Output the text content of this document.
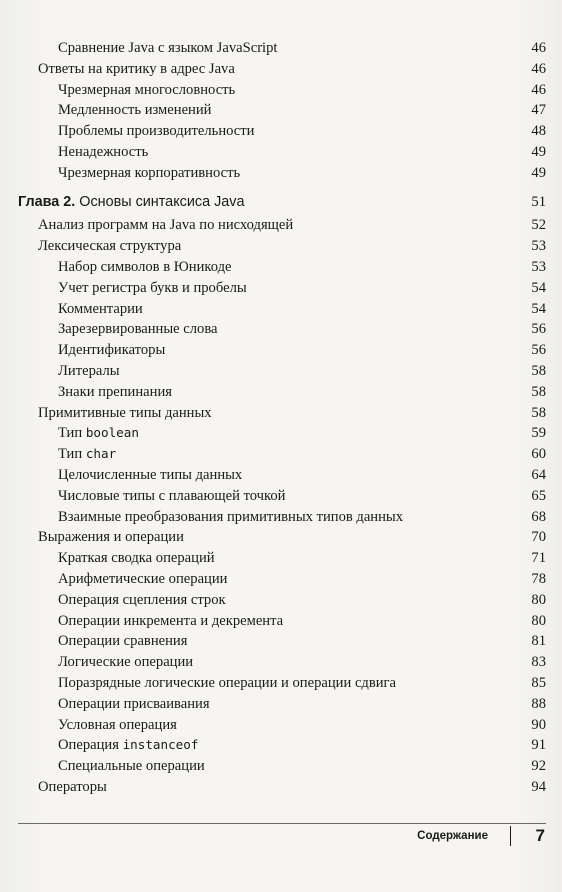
Сравнение Java с языком JavaScript	46
Ответы на критику в адрес Java	46
Чрезмерная многословность	46
Медленность изменений	47
Проблемы производительности	48
Ненадежность	49
Чрезмерная корпоративность	49
Глава 2. Основы синтаксиса Java	51
Анализ программ на Java по нисходящей	52
Лексическая структура	53
Набор символов в Юникоде	53
Учет регистра букв и пробелы	54
Комментарии	54
Зарезервированные слова	56
Идентификаторы	56
Литералы	58
Знаки препинания	58
Примитивные типы данных	58
Тип boolean	59
Тип char	60
Целочисленные типы данных	64
Числовые типы с плавающей точкой	65
Взаимные преобразования примитивных типов данных	68
Выражения и операции	70
Краткая сводка операций	71
Арифметические операции	78
Операция сцепления строк	80
Операции инкремента и декремента	80
Операции сравнения	81
Логические операции	83
Поразрядные логические операции и операции сдвига	85
Операции присваивания	88
Условная операция	90
Операция instanceof	91
Специальные операции	92
Операторы	94
Содержание	7
